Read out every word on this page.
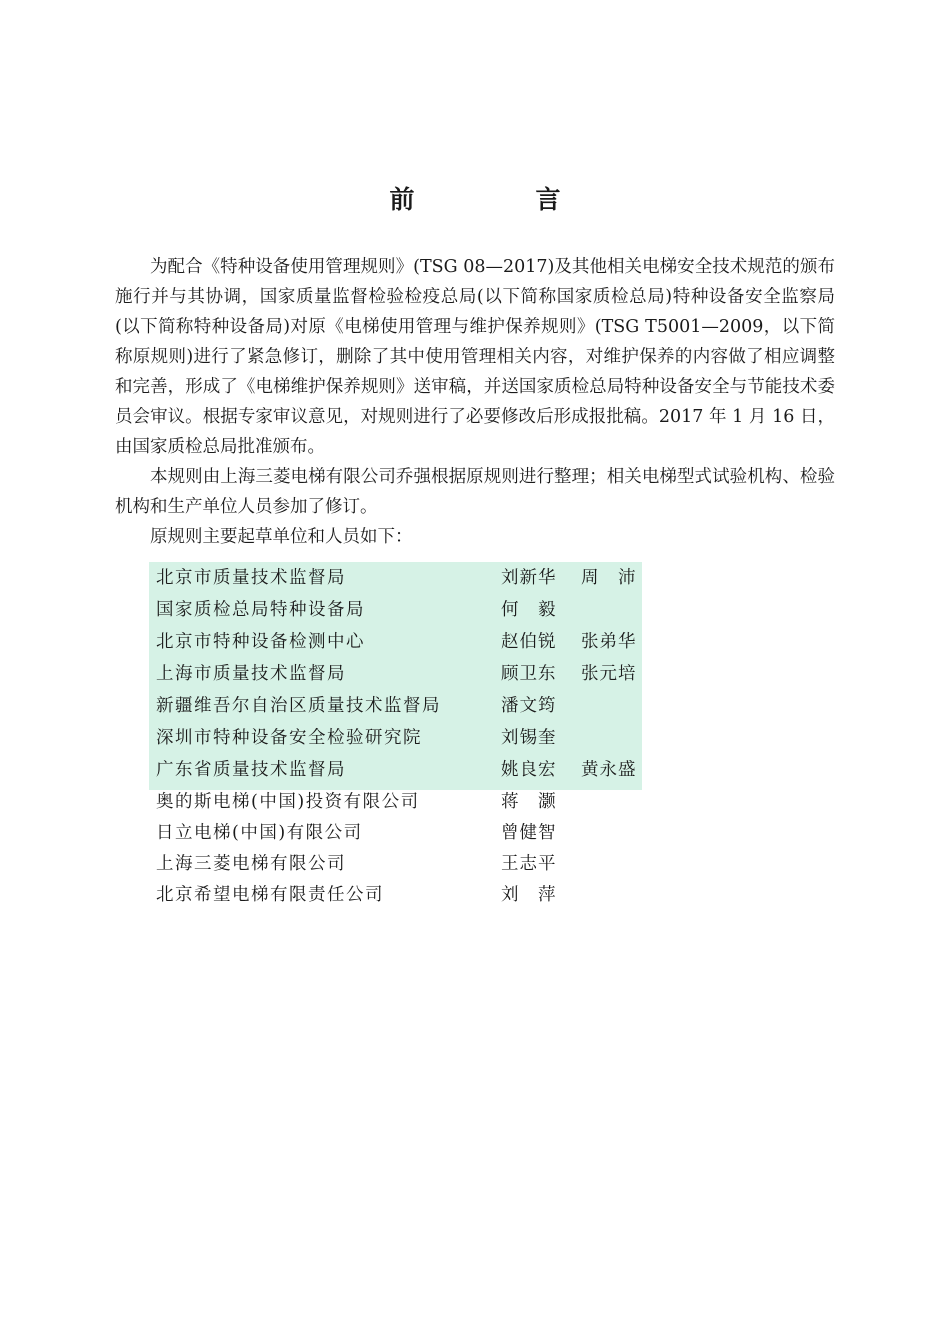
前　言

为配合《特种设备使用管理规则》(TSG 08—2017)及其他相关电梯安全技术规范的颁布施行并与其协调，国家质量监督检验检疫总局(以下简称国家质检总局)特种设备安全监察局(以下简称特种设备局)对原《电梯使用管理与维护保养规则》(TSG T5001—2009，以下简称原规则)进行了紧急修订，删除了其中使用管理相关内容，对维护保养的内容做了相应调整和完善，形成了《电梯维护保养规则》送审稿，并送国家质检总局特种设备安全与节能技术委员会审议。根据专家审议意见，对规则进行了必要修改后形成报批稿。2017 年 1 月 16 日，由国家质检总局批准颁布。

本规则由上海三菱电梯有限公司乔强根据原规则进行整理；相关电梯型式试验机构、检验机构和生产单位人员参加了修订。

原规则主要起草单位和人员如下：

北京市质量技术监督局	刘新华 周　沛
国家质检总局特种设备局	何　毅
北京市特种设备检测中心	赵伯锐 张弟华
上海市质量技术监督局	顾卫东 张元培
新疆维吾尔自治区质量技术监督局	潘文筠
深圳市特种设备安全检验研究院	刘锡奎
广东省质量技术监督局	姚良宏 黄永盛
奥的斯电梯(中国)投资有限公司	蒋　灏
日立电梯(中国)有限公司	曾健智
上海三菱电梯有限公司	王志平
北京希望电梯有限责任公司	刘　萍
